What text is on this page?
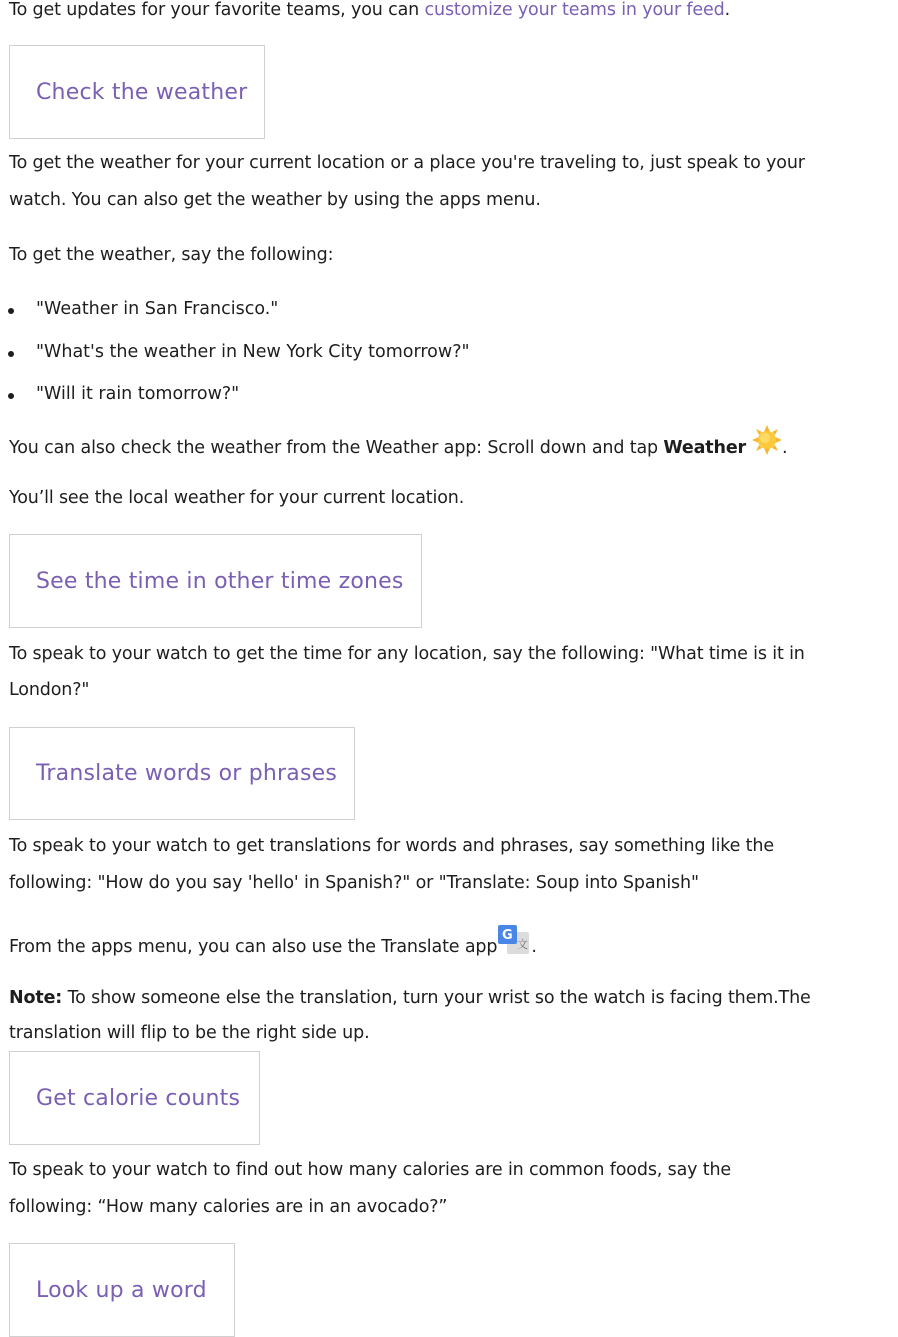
To get updates for your favorite teams, you can customize your teams in your feed.
Check the weather
To get the weather for your current location or a place you're traveling to, just speak to your
watch. You can also get the weather by using the apps menu.
To get the weather, say the following:
"Weather in San Francisco."
"What's the weather in New York City tomorrow?"
"Will it rain tomorrow?"
You can also check the weather from the Weather app: Scroll down and tap Weather .
You’ll see the local weather for your current location.
See the time in other time zones
To speak to your watch to get the time for any location, say the following: "What time is it in
London?"
Translate words or phrases
To speak to your watch to get translations for words and phrases, say something like the
following: "How do you say 'hello' in Spanish?" or "Translate: Soup into Spanish"
From the apps menu, you can also use the Translate app 文
G
.
Note: To show someone else the translation, turn your wrist so the watch is facing them.The
translation will flip to be the right side up.
Get calorie counts
To speak to your watch to find out how many calories are in common foods, say the
following: “How many calories are in an avocado?”
Look up a word
